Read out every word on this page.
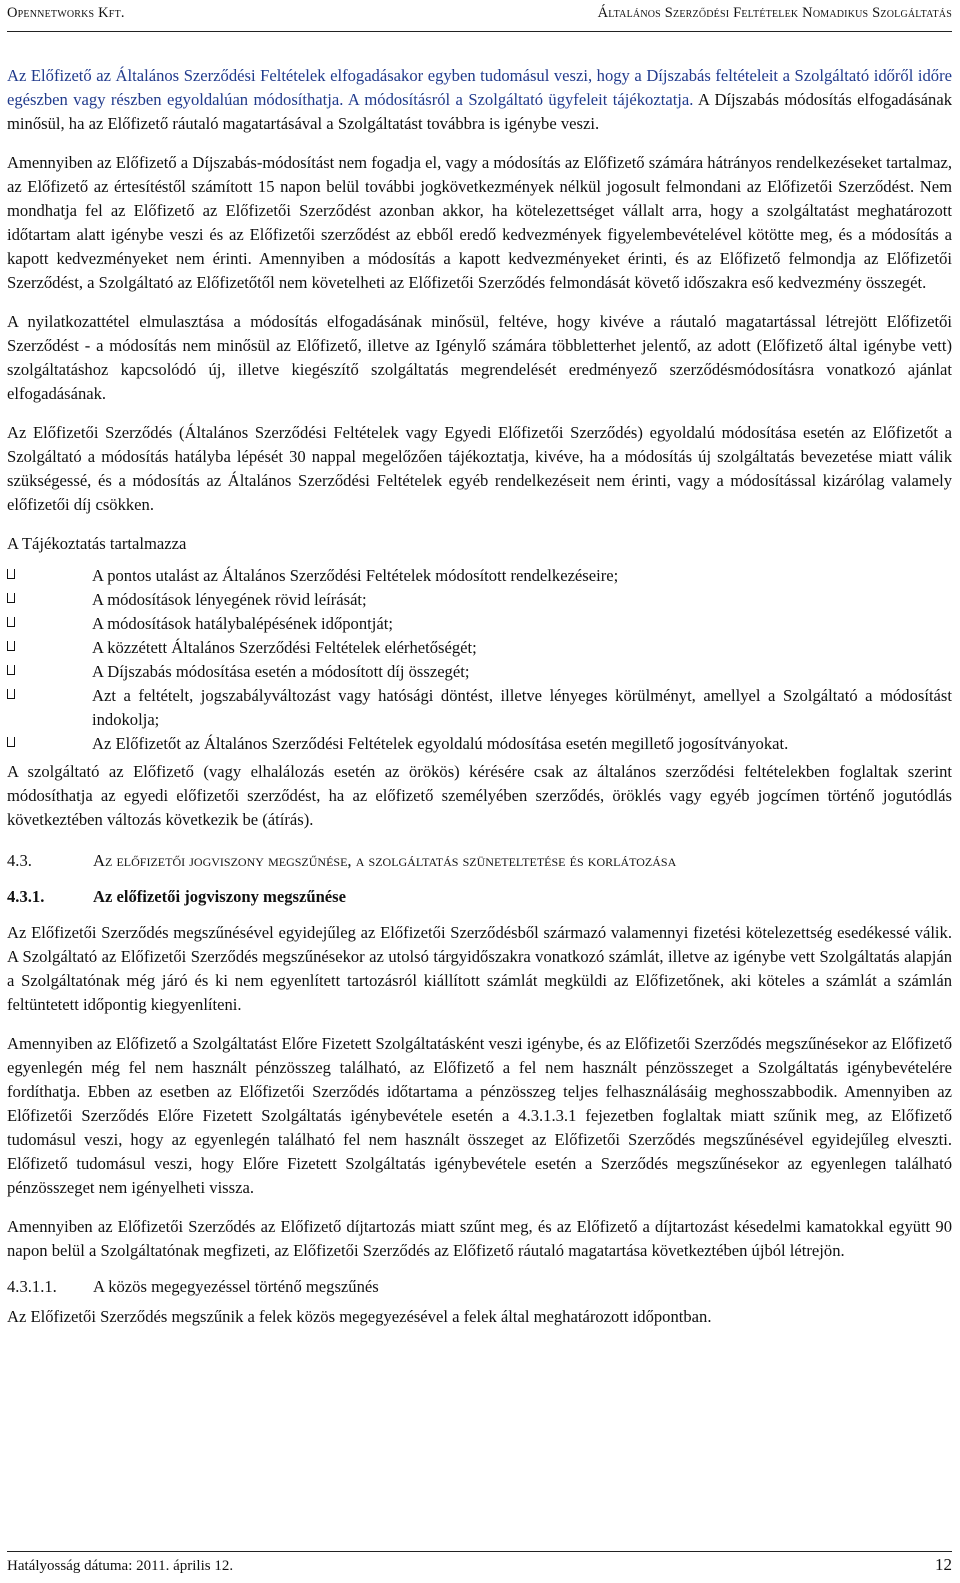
Opennetworks Kft.	Általános Szerződési Feltételek Nomadikus Szolgáltatás

Az Előfizető az Általános Szerződési Feltételek elfogadásakor egyben tudomásul veszi, hogy a Díjszabás feltételeit a Szolgáltató időről időre egészben vagy részben egyoldalúan módosíthatja. A módosításról a Szolgáltató ügyfeleit tájékoztatja. A Díjszabás módosítás elfogadásának minősül, ha az Előfizető ráutaló magatartásával a Szolgáltatást továbbra is igénybe veszi.

Amennyiben az Előfizető a Díjszabás-módosítást nem fogadja el, vagy a módosítás az Előfizető számára hátrányos rendelkezéseket tartalmaz, az Előfizető az értesítéstől számított 15 napon belül további jogkövetkezmények nélkül jogosult felmondani az Előfizetői Szerződést. Nem mondhatja fel az Előfizető az Előfizetői Szerződést azonban akkor, ha kötelezettséget vállalt arra, hogy a szolgáltatást meghatározott időtartam alatt igénybe veszi és az Előfizetői szerződést az ebből eredő kedvezmények figyelembevételével kötötte meg, és a módosítás a kapott kedvezményeket nem érinti. Amennyiben a módosítás a kapott kedvezményeket érinti, és az Előfizető felmondja az Előfizetői Szerződést, a Szolgáltató az Előfizetőtől nem követelheti az Előfizetői Szerződés felmondását követő időszakra eső kedvezmény összegét.

A nyilatkozattétel elmulasztása a módosítás elfogadásának minősül, feltéve, hogy kivéve a ráutaló magatartással létrejött Előfizetői Szerződést - a módosítás nem minősül az Előfizető, illetve az Igénylő számára többletterhet jelentő, az adott (Előfizető által igénybe vett) szolgáltatáshoz kapcsolódó új, illetve kiegészítő szolgáltatás megrendelését eredményező szerződésmódosításra vonatkozó ajánlat elfogadásának.

Az Előfizetői Szerződés (Általános Szerződési Feltételek vagy Egyedi Előfizetői Szerződés) egyoldalú módosítása esetén az Előfizetőt a Szolgáltató a módosítás hatályba lépését 30 nappal megelőzően tájékoztatja, kivéve, ha a módosítás új szolgáltatás bevezetése miatt válik szükségessé, és a módosítás az Általános Szerződési Feltételek egyéb rendelkezéseit nem érinti, vagy a módosítással kizárólag valamely előfizetői díj csökken.

A Tájékoztatás tartalmazza

A pontos utalást az Általános Szerződési Feltételek módosított rendelkezéseire;
A módosítások lényegének rövid leírását;
A módosítások hatálybalépésének időpontját;
A közzétett Általános Szerződési Feltételek elérhetőségét;
A Díjszabás módosítása esetén a módosított díj összegét;
Azt a feltételt, jogszabályváltozást vagy hatósági döntést, illetve lényeges körülményt, amellyel a Szolgáltató a módosítást indokolja;
Az Előfizetőt az Általános Szerződési Feltételek egyoldalú módosítása esetén megillető jogosítványokat.

A szolgáltató az Előfizető (vagy elhalálozás esetén az örökös) kérésére csak az általános szerződési feltételekben foglaltak szerint módosíthatja az egyedi előfizetői szerződést, ha az előfizető személyében szerződés, öröklés vagy egyéb jogcímen történő jogutódlás következtében változás következik be (átírás).

4.3.	Az előfizetői jogviszony megszűnése, a szolgáltatás szüneteltetése és korlátozása
4.3.1.	Az előfizetői jogviszony megszűnése

Az Előfizetői Szerződés megszűnésével egyidejűleg az Előfizetői Szerződésből származó valamennyi fizetési kötelezettség esedékessé válik. A Szolgáltató az Előfizetői Szerződés megszűnésekor az utolsó tárgyidőszakra vonatkozó számlát, illetve az igénybe vett Szolgáltatás alapján a Szolgáltatónak még járó és ki nem egyenlített tartozásról kiállított számlát megküldi az Előfizetőnek, aki köteles a számlát a számlán feltüntetett időpontig kiegyenlíteni.

Amennyiben az Előfizető a Szolgáltatást Előre Fizetett Szolgáltatásként veszi igénybe, és az Előfizetői Szerződés megszűnésekor az Előfizető egyenlegén még fel nem használt pénzösszeg található, az Előfizető a fel nem használt pénzösszeget a Szolgáltatás igénybevételére fordíthatja. Ebben az esetben az Előfizetői Szerződés időtartama a pénzösszeg teljes felhasználásáig meghosszabbodik. Amennyiben az Előfizetői Szerződés Előre Fizetett Szolgáltatás igénybevétele esetén a 4.3.1.3.1 fejezetben foglaltak miatt szűnik meg, az Előfizető tudomásul veszi, hogy az egyenlegén található fel nem használt összeget az Előfizetői Szerződés megszűnésével egyidejűleg elveszti. Előfizető tudomásul veszi, hogy Előre Fizetett Szolgáltatás igénybevétele esetén a Szerződés megszűnésekor az egyenlegen található pénzösszeget nem igényelheti vissza.

Amennyiben az Előfizetői Szerződés az Előfizető díjtartozás miatt szűnt meg, és az Előfizető a díjtartozást késedelmi kamatokkal együtt 90 napon belül a Szolgáltatónak megfizeti, az Előfizetői Szerződés az Előfizető ráutaló magatartása következtében újból létrejön.

4.3.1.1.	A közös megegyezéssel történő megszűnés

Az Előfizetői Szerződés megszűnik a felek közös megegyezésével a felek által meghatározott időpontban.

Hatályosság dátuma: 2011. április 12.	12
